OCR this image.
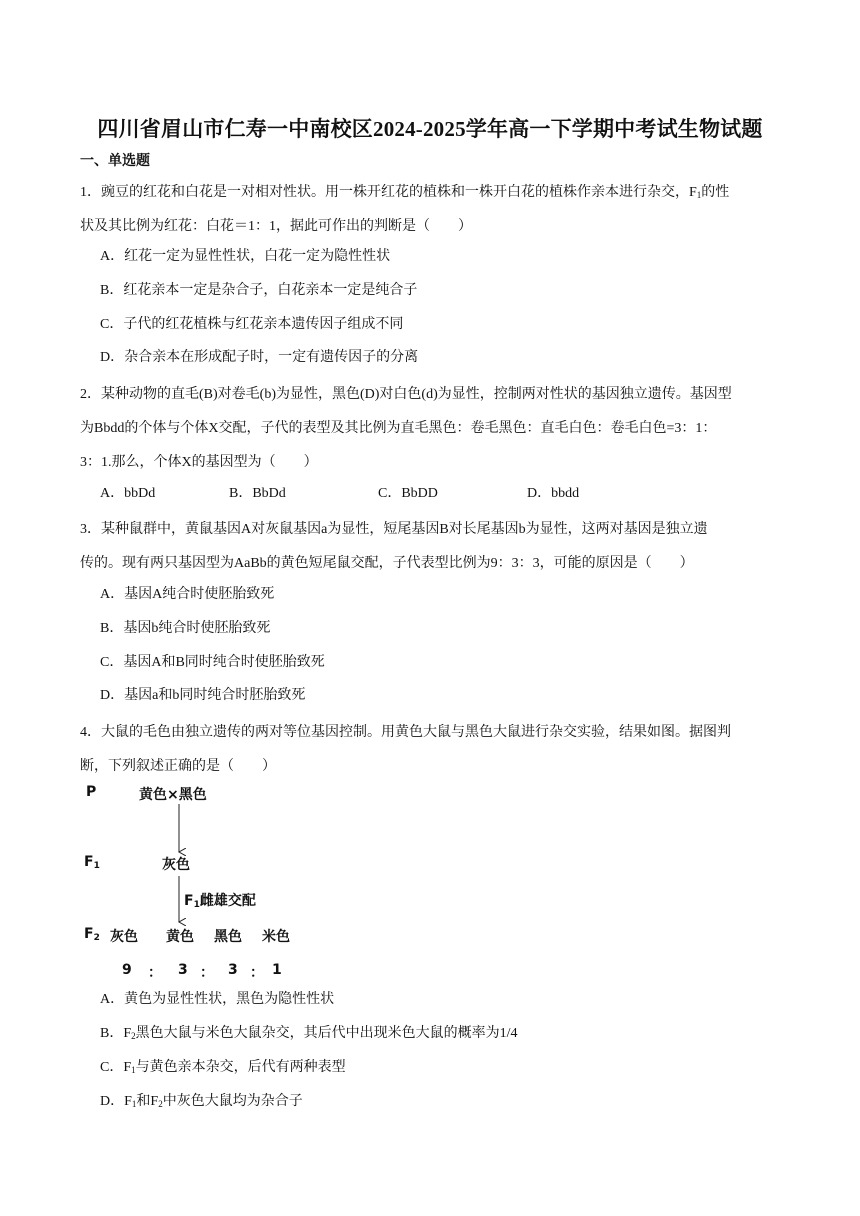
四川省眉山市仁寿一中南校区2024-2025学年高一下学期中考试生物试题
一、单选题
1．豌豆的红花和白花是一对相对性状。用一株开红花的植株和一株开白花的植株作亲本进行杂交，$F_1$的性
状及其比例为红花：白花＝1：1，据此可作出的判断是（　　）
A．红花一定为显性性状，白花一定为隐性性状
B．红花亲本一定是杂合子，白花亲本一定是纯合子
C．子代的红花植株与红花亲本遗传因子组成不同
D．杂合亲本在形成配子时，一定有遗传因子的分离
2．某种动物的直毛(B)对卷毛(b)为显性，黑色(D)对白色(d)为显性，控制两对性状的基因独立遗传。基因型
为Bbdd的个体与个体X交配，子代的表型及其比例为直毛黑色：卷毛黑色：直毛白色：卷毛白色=3：1：
3：1.那么，个体X的基因型为（　　）
A．bbDd	B．BbDd	C．BbDD	D．bbdd
3．某种鼠群中，黄鼠基因A对灰鼠基因a为显性，短尾基因B对长尾基因b为显性，这两对基因是独立遗
传的。现有两只基因型为AaBb的黄色短尾鼠交配，子代表型比例为9：3：3，可能的原因是（　　）
A．基因A纯合时使胚胎致死
B．基因b纯合时使胚胎致死
C．基因A和B同时纯合时使胚胎致死
D．基因a和b同时纯合时胚胎致死
4．大鼠的毛色由独立遗传的两对等位基因控制。用黄色大鼠与黑色大鼠进行杂交实验，结果如图。据图判
断，下列叙述正确的是（　　）
P	黄色×黑色
$F_1$	灰色
$F_1$雌雄交配
$F_2$ 灰色 黄色 黑色 米色
9 ： 3 ： 3 ： 1
A．黄色为显性性状，黑色为隐性性状
B．$F_2$黑色大鼠与米色大鼠杂交，其后代中出现米色大鼠的概率为1/4
C．$F_1$与黄色亲本杂交，后代有两种表型
D．$F_1$和$F_2$中灰色大鼠均为杂合子
